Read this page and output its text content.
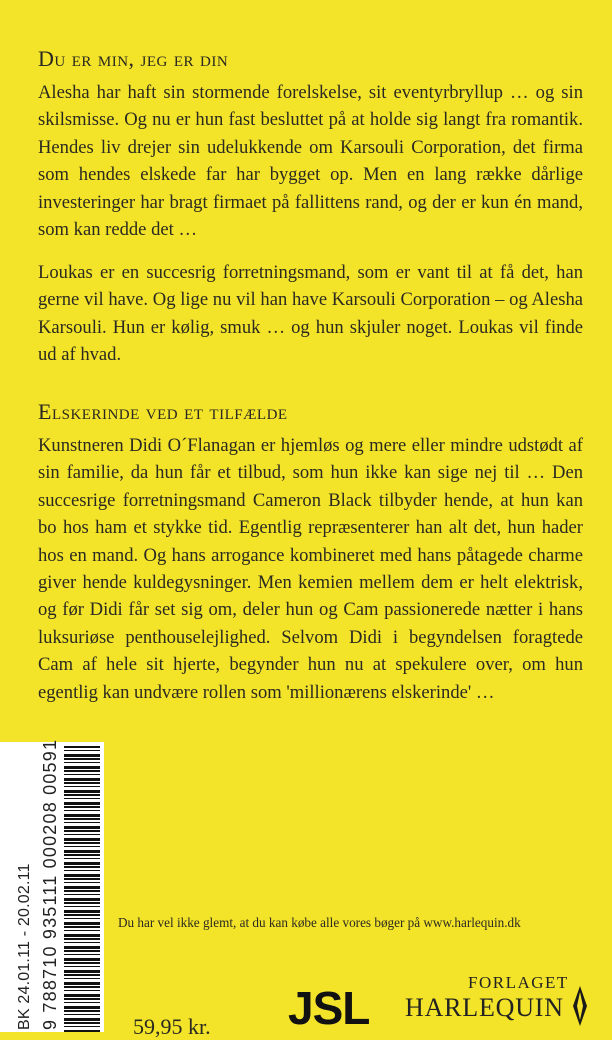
Du er min, jeg er din

Alesha har haft sin stormende forelskelse, sit eventyrbryllup … og sin skilsmisse. Og nu er hun fast besluttet på at holde sig langt fra romantik. Hendes liv drejer sin udelukkende om Karsouli Corporation, det firma som hendes elskede far har bygget op. Men en lang række dårlige investeringer har bragt firmaet på fallittens rand, og der er kun én mand, som kan redde det …

Loukas er en succesrig forretningsmand, som er vant til at få det, han gerne vil have. Og lige nu vil han have Karsouli Corporation – og Alesha Karsouli. Hun er kølig, smuk … og hun skjuler noget. Loukas vil finde ud af hvad.

Elskerinde ved et tilfælde

Kunstneren Didi O´Flanagan er hjemløs og mere eller mindre udstødt af sin familie, da hun får et tilbud, som hun ikke kan sige nej til … Den succesrige forretningsmand Cameron Black tilbyder hende, at hun kan bo hos ham et stykke tid. Egentlig repræsenterer han alt det, hun hader hos en mand. Og hans arrogance kombineret med hans påtagede charme giver hende kuldegysninger. Men kemien mellem dem er helt elektrisk, og før Didi får set sig om, deler hun og Cam passionerede nætter i hans luksuriøse penthouselejlighed. Selvom Didi i begyndelsen foragtede Cam af hele sit hjerte, begynder hun nu at spekulere over, om hun egentlig kan undvære rollen som 'millionærens elskerinde' …

BK 24.01.11 - 20.02.11 9 788710 935111 000208 00591	Du har vel ikke glemt, at du kan købe alle vores bøger på www.harlequin.dk
59,95 kr. JSL	FORLAGET
HARLEQUIN
